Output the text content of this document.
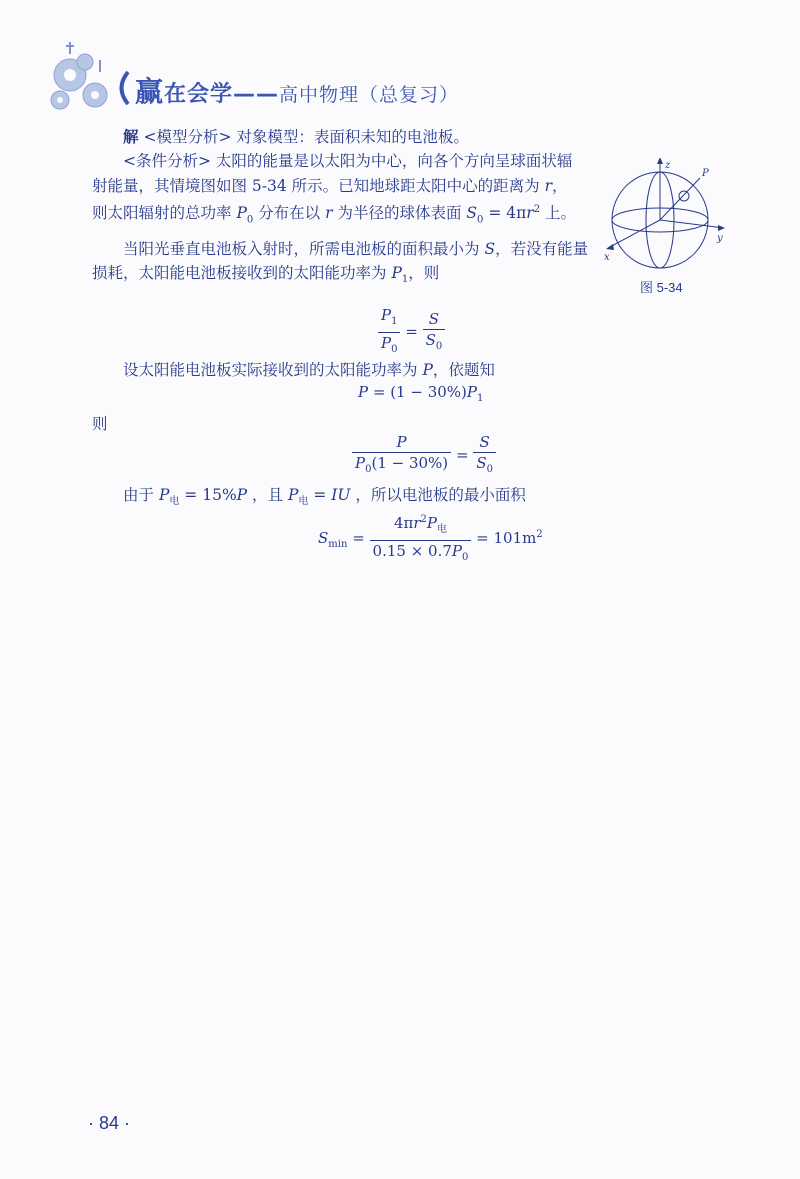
赢在会学——高中物理（总复习）

解 <模型分析> 对象模型：表面积未知的电池板。

<条件分析> 太阳的能量是以太阳为中心，向各个方向呈球面状辐射能量，其情境图如图 5-34 所示。已知地球距太阳中心的距离为 r，则太阳辐射的总功率 $P_0$ 分布在以 r 为半径的球体表面 $S_0 = 4\pi r^2$ 上。

当阳光垂直电池板入射时，所需电池板的面积最小为 S，若没有能量损耗，太阳能电池板接收到的太阳能功率为 $P_1$，则

$\frac{P_1}{P_0} = \frac{S}{S_0}$
设太阳能电池板实际接收到的太阳能功率为 P，依题知
$P = (1 - 30\%)P_1$
则
$\frac{P}{P_0(1 - 30\%)} = \frac{S}{S_0}$
由于 $P_电 = 15\%P$ ，且 $P_电$ = IU ，所以电池板的最小面积
$S_{min} = \frac{4\pi r^2P_电}{0.15 \times 0.7P_0} = 101m^2$
z
y
x
P
图 5-34
· 84 ·
